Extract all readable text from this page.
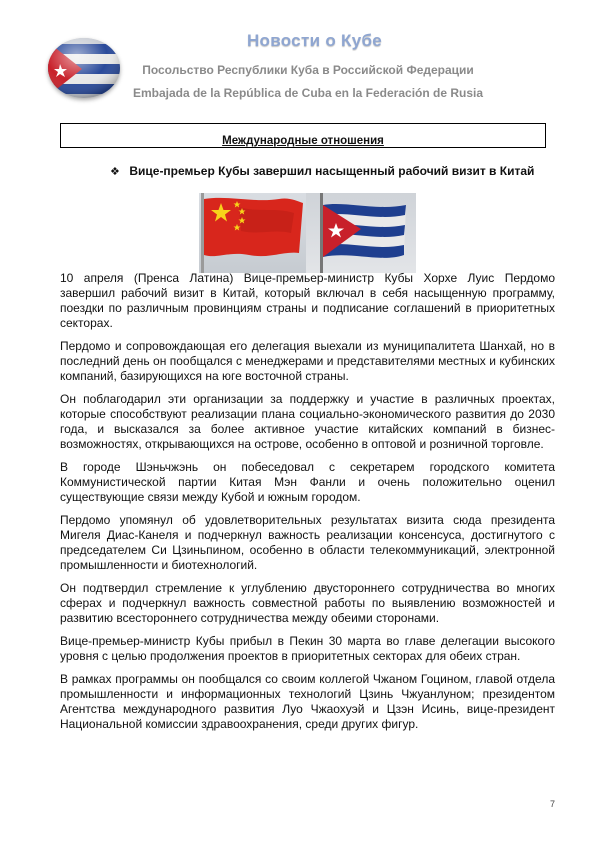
Новости о Кубе
Посольство Республики Куба в Российской Федерации
Embajada de la República de Cuba en la Federación de Rusia
Международные отношения
❖ Вице-премьер Кубы завершил насыщенный рабочий визит в Китай

10 апреля (Пренса Латина) Вице-премьер-министр Кубы Хорхе Луис Пердомо завершил рабочий визит в Китай, который включал в себя насыщенную программу, поездки по различным провинциям страны и подписание соглашений в приоритетных секторах.

Пердомо и сопровождающая его делегация выехали из муниципалитета Шанхай, но в последний день он пообщался с менеджерами и представителями местных и кубинских компаний, базирующихся на юге восточной страны.

Он поблагодарил эти организации за поддержку и участие в различных проектах, которые способствуют реализации плана социально-экономического развития до 2030 года, и высказался за более активное участие китайских компаний в бизнес-возможностях, открывающихся на острове, особенно в оптовой и розничной торговле.

В городе Шэньчжэнь он побеседовал с секретарем городского комитета Коммунистической партии Китая Мэн Фанли и очень положительно оценил существующие связи между Кубой и южным городом.

Пердомо упомянул об удовлетворительных результатах визита сюда президента Мигеля Диас-Канеля и подчеркнул важность реализации консенсуса, достигнутого с председателем Си Цзиньпином, особенно в области телекоммуникаций, электронной промышленности и биотехнологий.

Он подтвердил стремление к углублению двустороннего сотрудничества во многих сферах и подчеркнул важность совместной работы по выявлению возможностей и развитию всестороннего сотрудничества между обеими сторонами.

Вице-премьер-министр Кубы прибыл в Пекин 30 марта во главе делегации высокого уровня с целью продолжения проектов в приоритетных секторах для обеих стран.

В рамках программы он пообщался со своим коллегой Чжаном Гоцином, главой отдела промышленности и информационных технологий Цзинь Чжуанлуном; президентом Агентства международного развития Луо Чжаохуэй и Цзэн Исинь, вице-президент Национальной комиссии здравоохранения, среди других фигур.

7
